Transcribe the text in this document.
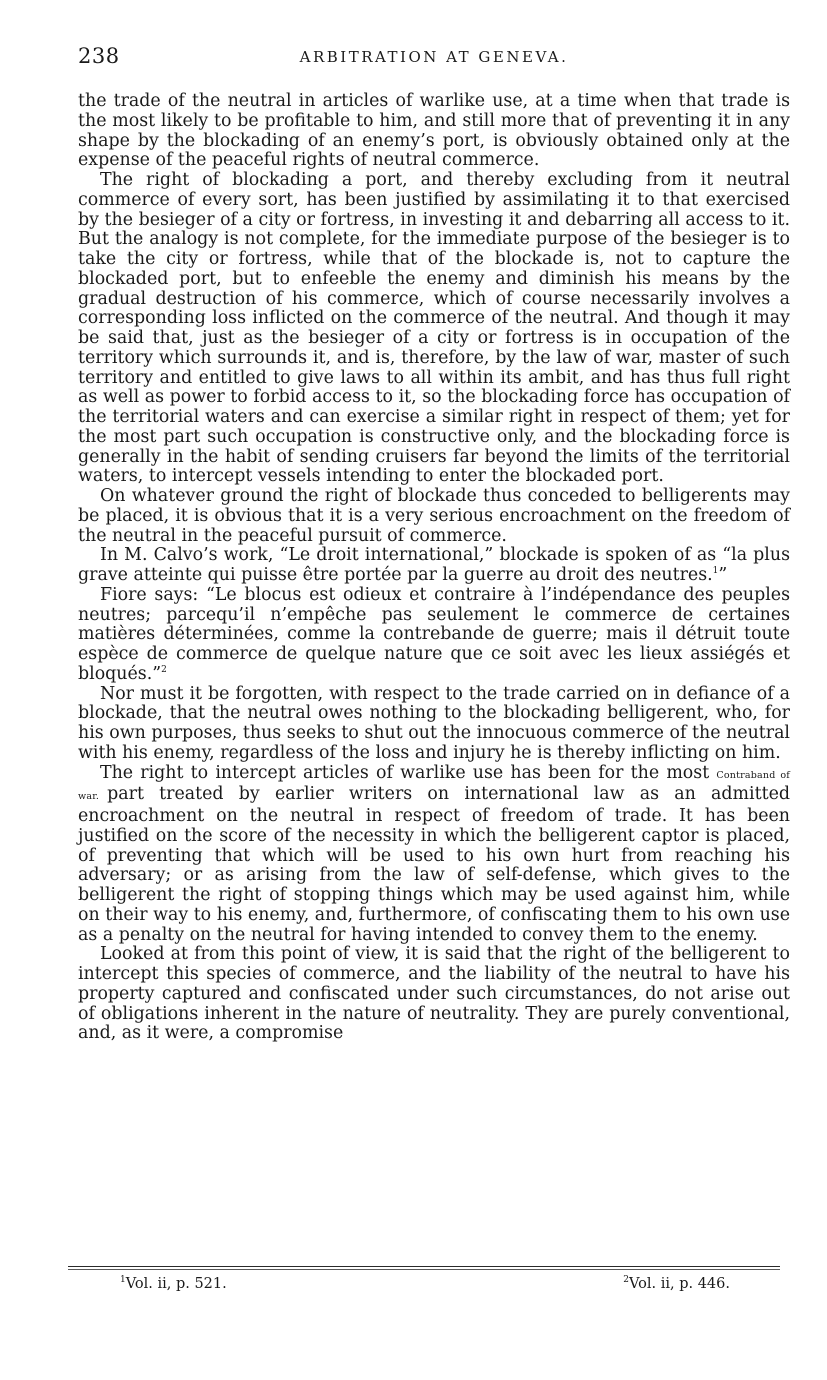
238	ARBITRATION AT GENEVA.

the trade of the neutral in articles of warlike use, at a time when that trade is the most likely to be profitable to him, and still more that of preventing it in any shape by the blockading of an enemy’s port, is obviously obtained only at the expense of the peaceful rights of neutral commerce.

The right of blockading a port, and thereby excluding from it neutral commerce of every sort, has been justified by assimilating it to that exercised by the besieger of a city or fortress, in investing it and debarring all access to it. But the analogy is not complete, for the immediate purpose of the besieger is to take the city or fortress, while that of the blockade is, not to capture the blockaded port, but to enfeeble the enemy and diminish his means by the gradual destruction of his commerce, which of course necessarily involves a corresponding loss inflicted on the commerce of the neutral. And though it may be said that, just as the besieger of a city or fortress is in occupation of the territory which surrounds it, and is, therefore, by the law of war, master of such territory and entitled to give laws to all within its ambit, and has thus full right as well as power to forbid access to it, so the blockading force has occupation of the territorial waters and can exercise a similar right in respect of them; yet for the most part such occupation is constructive only, and the blockading force is generally in the habit of sending cruisers far beyond the limits of the territorial waters, to intercept vessels intending to enter the blockaded port.

On whatever ground the right of blockade thus conceded to belligerents may be placed, it is obvious that it is a very serious encroachment on the freedom of the neutral in the peaceful pursuit of commerce.

In M. Calvo’s work, “Le droit international,” blockade is spoken of as “la plus grave atteinte qui puisse être portée par la guerre au droit des neutres.$^1$”

Fiore says: “Le blocus est odieux et contraire à l’indépendance des peuples neutres; parcequ’il n’empêche pas seulement le commerce de certaines matières déterminées, comme la contrebande de guerre; mais il détruit toute espèce de commerce de quelque nature que ce soit avec les lieux assiégés et bloqués.”$^2$

Nor must it be forgotten, with respect to the trade carried on in defiance of a blockade, that the neutral owes nothing to the blockading belligerent, who, for his own purposes, thus seeks to shut out the innocuous commerce of the neutral with his enemy, regardless of the loss and injury he is thereby inflicting on him.

The right to intercept articles of warlike use has been for the most Contraband of war. part treated by earlier writers on international law as an admitted encroachment on the neutral in respect of freedom of trade. It has been justified on the score of the necessity in which the belligerent captor is placed, of preventing that which will be used to his own hurt from reaching his adversary; or as arising from the law of self-defense, which gives to the belligerent the right of stopping things which may be used against him, while on their way to his enemy, and, furthermore, of confiscating them to his own use as a penalty on the neutral for having intended to convey them to the enemy.

Looked at from this point of view, it is said that the right of the belligerent to intercept this species of commerce, and the liability of the neutral to have his property captured and confiscated under such circumstances, do not arise out of obligations inherent in the nature of neutrality. They are purely conventional, and, as it were, a compromise

$^1$Vol. ii, p. 521.	$^2$Vol. ii, p. 446.
